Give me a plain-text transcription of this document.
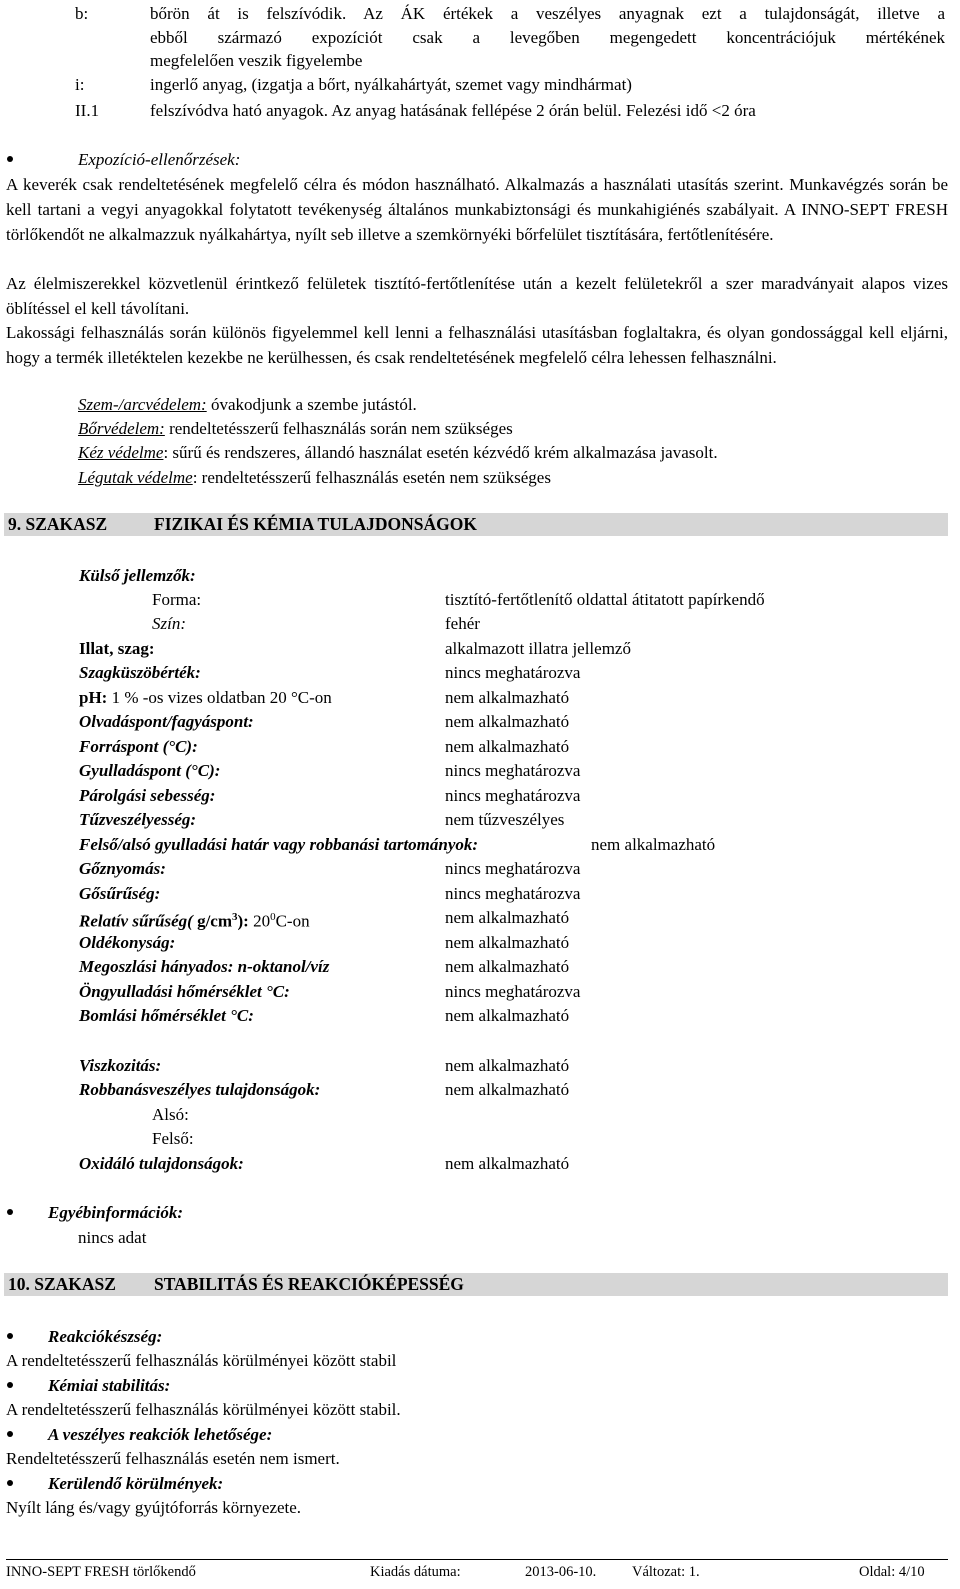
b:	bőrön át is felszívódik. Az ÁK értékek a veszélyes anyagnak ezt a tulajdonságát, illetve a
ebből származó expozíciót csak a levegőben megengedett koncentrációjuk mértékének
megfelelően veszik figyelembe
i:	ingerlő anyag, (izgatja a bőrt, nyálkahártyát, szemet vagy mindhármat)
II.1	felszívódva ható anyagok. Az anyag hatásának fellépése 2 órán belül. Felezési idő <2 óra
Expozíció-ellenőrzések:
A keverék csak rendeltetésének megfelelő célra és módon használható. Alkalmazás a használati utasítás szerint. Munkavégzés során be kell tartani a vegyi anyagokkal folytatott tevékenység általános munkabiztonsági és munkahigiénés szabályait. A INNO-SEPT FRESH törlőkendőt ne alkalmazzuk nyálkahártya, nyílt seb illetve a szemkörnyéki bőrfelület tisztítására, fertőtlenítésére.
Az élelmiszerekkel közvetlenül érintkező felületek tisztító-fertőtlenítése után a kezelt felületekről a szer maradványait alapos vizes öblítéssel el kell távolítani.
Lakossági felhasználás során különös figyelemmel kell lenni a felhasználási utasításban foglaltakra, és olyan gondossággal kell eljárni, hogy a termék illetéktelen kezekbe ne kerülhessen, és csak rendeltetésének megfelelő célra lehessen felhasználni.
Szem-/arcvédelem: óvakodjunk a szembe jutástól.
Bőrvédelem: rendeltetésszerű felhasználás során nem szükséges
Kéz védelme: sűrű és rendszeres, állandó használat esetén kézvédő krém alkalmazása javasolt.
Légutak védelme: rendeltetésszerű felhasználás esetén nem szükséges
9. SZAKASZ	FIZIKAI ÉS KÉMIA TULAJDONSÁGOK
Külső jellemzők:
Forma:	tisztító-fertőtlenítő oldattal átitatott papírkendő
Szín:	fehér
Illat, szag:	alkalmazott illatra jellemző
Szagküszöbérték:	nincs meghatározva
pH: 1 % -os vizes oldatban 20 °C-on	nem alkalmazható
Olvadáspont/fagyáspont:	nem alkalmazható
Forráspont (°C):	nem alkalmazható
Gyulladáspont (°C):	nincs meghatározva
Párolgási sebesség:	nincs meghatározva
Tűzveszélyesség:	nem tűzveszélyes
Felső/alsó gyulladási határ vagy robbanási tartományok:	nem alkalmazható
Gőznyomás:	nincs meghatározva
Gősűrűség:	nincs meghatározva
Relatív sűrűség( $g/cm^3$): $20^0C-on$	nem alkalmazható
Oldékonyság:	nem alkalmazható
Megoszlási hányados: n-oktanol/víz	nem alkalmazható
Öngyulladási hőmérséklet °C:	nincs meghatározva
Bomlási hőmérséklet °C:	nem alkalmazható
Viszkozitás:	nem alkalmazható
Robbanásveszélyes tulajdonságok:	nem alkalmazható
Alsó:
Felső:
Oxidáló tulajdonságok:	nem alkalmazható
Egyébinformációk:
nincs adat
10. SZAKASZ STABILITÁS ÉS REAKCIÓKÉPESSÉG
Reakciókészség:
A rendeltetésszerű felhasználás körülményei között stabil
Kémiai stabilitás:
A rendeltetésszerű felhasználás körülményei között stabil.
A veszélyes reakciók lehetősége:
Rendeltetésszerű felhasználás esetén nem ismert.
Kerülendő körülmények:
Nyílt láng és/vagy gyújtóforrás környezete.
INNO-SEPT FRESH törlőkendő	Kiadás dátuma:	2013-06-10. Változat: 1.	Oldal: 4/10
